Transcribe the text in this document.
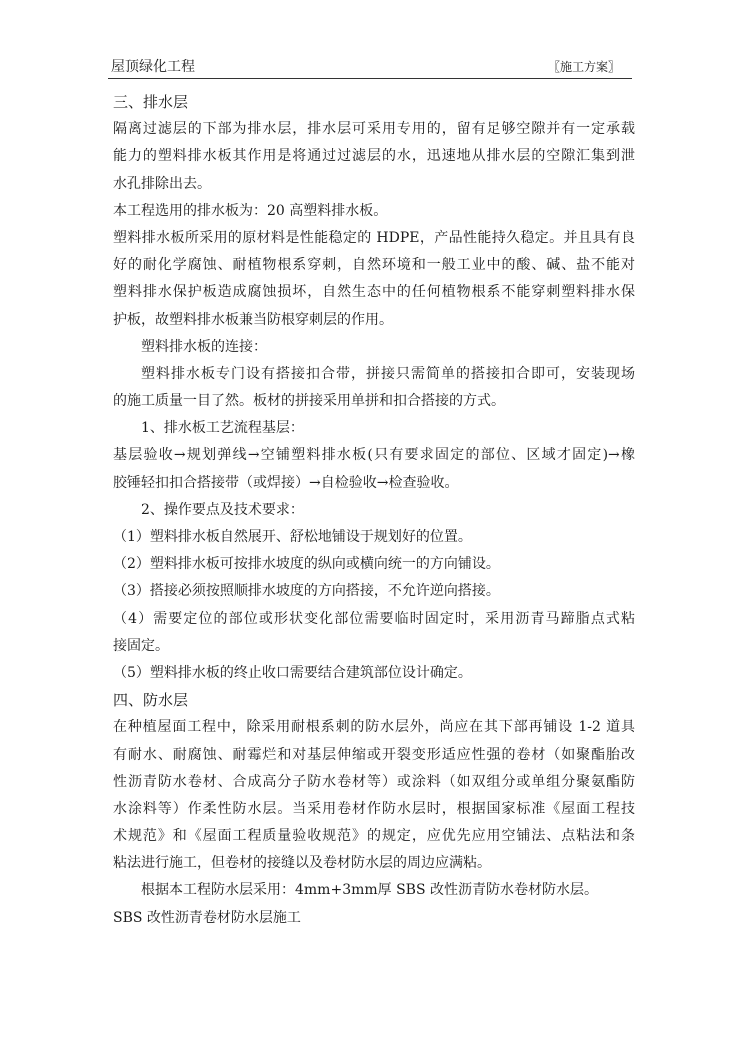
屋顶绿化工程	〖施工方案〗
三、排水层
隔离过滤层的下部为排水层，排水层可采用专用的，留有足够空隙并有一定承载
能力的塑料排水板其作用是将通过过滤层的水，迅速地从排水层的空隙汇集到泄
水孔排除出去。
本工程选用的排水板为：20 高塑料排水板。
塑料排水板所采用的原材料是性能稳定的 HDPE，产品性能持久稳定。并且具有良
好的耐化学腐蚀、耐植物根系穿刺，自然环境和一般工业中的酸、碱、盐不能对
塑料排水保护板造成腐蚀损坏，自然生态中的任何植物根系不能穿刺塑料排水保
护板，故塑料排水板兼当防根穿刺层的作用。
塑料排水板的连接：
塑料排水板专门设有搭接扣合带，拼接只需简单的搭接扣合即可，安装现场
的施工质量一目了然。板材的拼接采用单拼和扣合搭接的方式。
1、排水板工艺流程基层：
基层验收→规划弹线→空铺塑料排水板(只有要求固定的部位、区域才固定)→橡
胶锤轻扣扣合搭接带（或焊接）→自检验收→检查验收。
2、操作要点及技术要求：
（1）塑料排水板自然展开、舒松地铺设于规划好的位置。
（2）塑料排水板可按排水坡度的纵向或横向统一的方向铺设。
（3）搭接必须按照顺排水坡度的方向搭接，不允许逆向搭接。
（4）需要定位的部位或形状变化部位需要临时固定时，采用沥青马蹄脂点式粘
接固定。
（5）塑料排水板的终止收口需要结合建筑部位设计确定。
四、防水层
在种植屋面工程中，除采用耐根系刺的防水层外，尚应在其下部再铺设 1-2 道具
有耐水、耐腐蚀、耐霉烂和对基层伸缩或开裂变形适应性强的卷材（如聚酯胎改
性沥青防水卷材、合成高分子防水卷材等）或涂料（如双组分或单组分聚氨酯防
水涂料等）作柔性防水层。当采用卷材作防水层时，根据国家标准《屋面工程技
术规范》和《屋面工程质量验收规范》的规定，应优先应用空铺法、点粘法和条
粘法进行施工，但卷材的接缝以及卷材防水层的周边应满粘。
根据本工程防水层采用：4mm+3mm厚 SBS 改性沥青防水卷材防水层。
SBS 改性沥青卷材防水层施工
